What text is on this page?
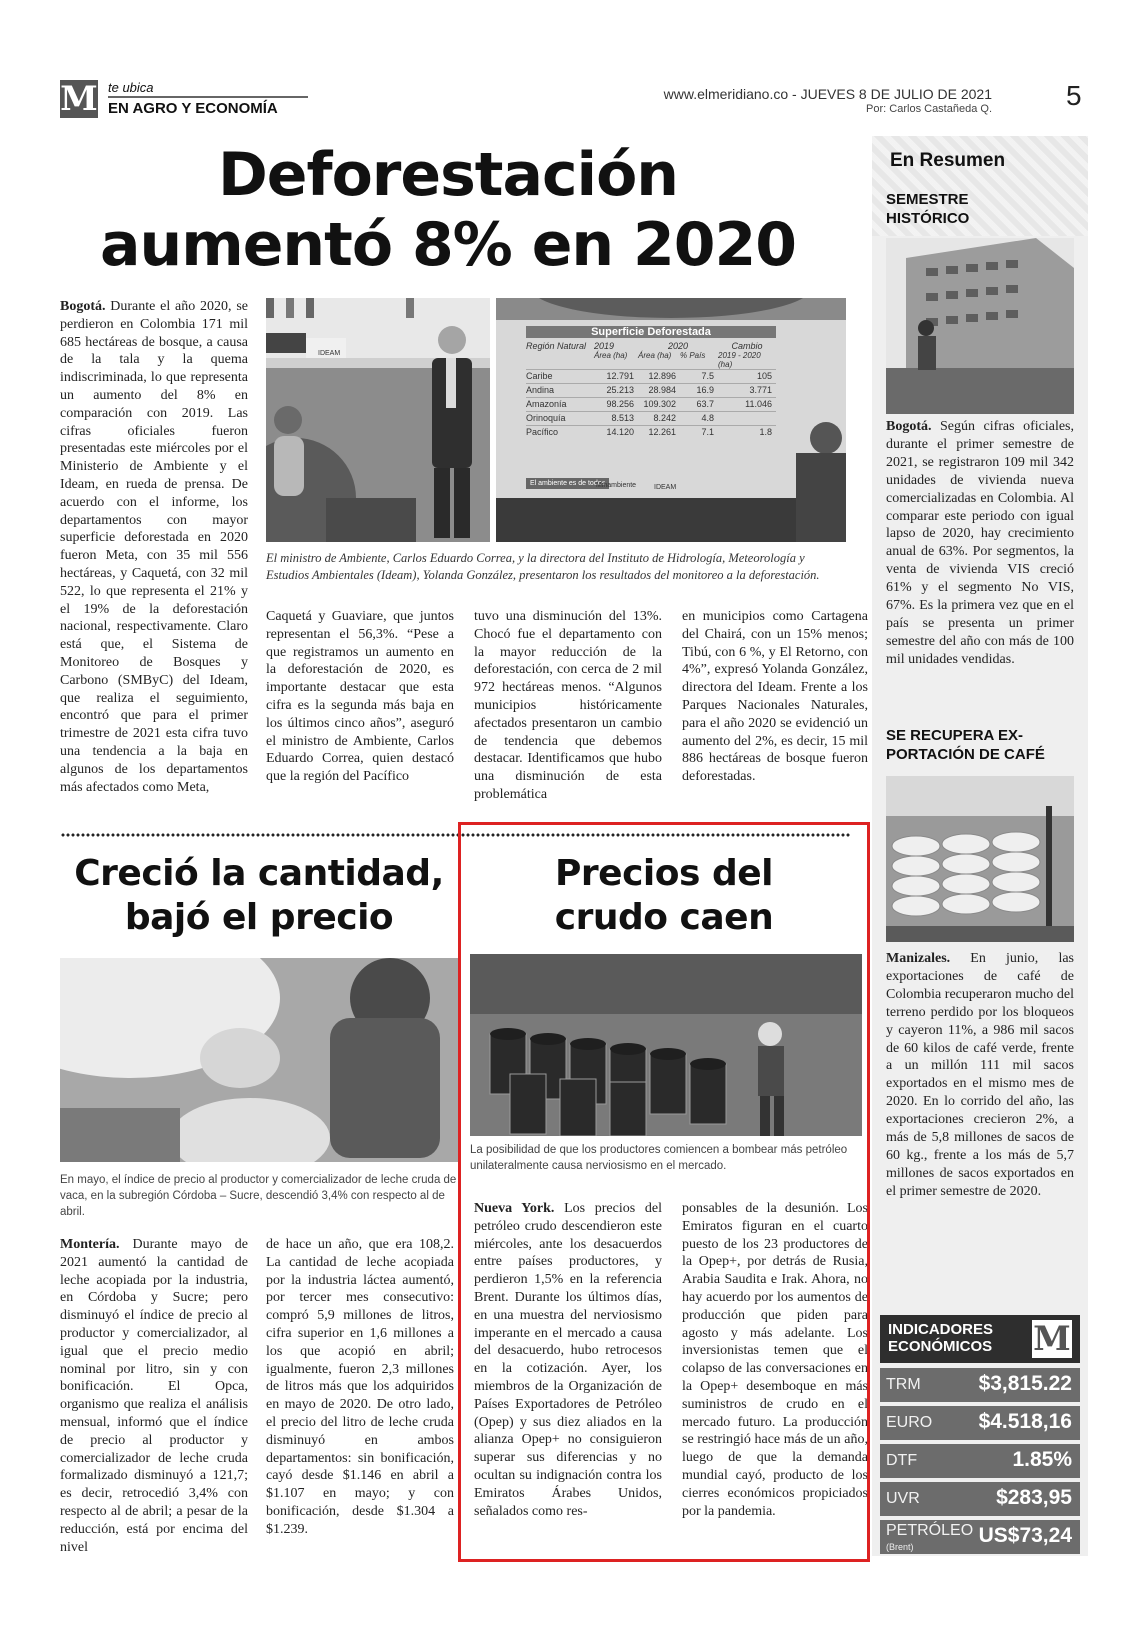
M te ubica
EN AGRO Y ECONOMÍA
www.elmeridiano.co - JUEVES 8 DE JULIO DE 2021
Por: Carlos Castañeda Q.	5
Deforestación
aumentó 8% en 2020
Bogotá. Durante el año 2020, se perdieron en Colombia 171 mil 685 hectáreas de bosque, a causa de la tala y la quema indiscriminada, lo que representa un aumento del 8% en comparación con 2019. Las cifras oficiales fueron presentadas este miércoles por el Ministerio de Ambiente y el Ideam, en rueda de prensa. De acuerdo con el informe, los departamentos con mayor superficie deforestada en 2020 fueron Meta, con 35 mil 556 hectáreas, y Caquetá, con 32 mil 522, lo que representa el 21% y el 19% de la deforestación nacional, respectivamente. Claro está que, el Sistema de Monitoreo de Bosques y Carbono (SMByC) del Ideam, que realiza el seguimiento, encontró que para el primer trimestre de 2021 esta cifra tuvo una tendencia a la baja en algunos de los departamentos más afectados como Meta,
IDEAM
Superficie Deforestada
Región Natural 2019	2020	Cambio
Área (ha)	Área (ha)	% País	2019 - 2020 (ha)
Caribe	12.791	12.896	7.5	105
Andina	25.213	28.984	16.9	3.771
Amazonía	98.256	109.302	63.7	11.046
Orinoquía	8.513	8.242	4.8
Pacífico	14.120	12.261	7.1	1.8
El ambiente es de todos
Minambiente	IDEAM
El ministro de Ambiente, Carlos Eduardo Correa, y la directora del Instituto de Hidrología, Meteorología y Estudios Ambientales (Ideam), Yolanda González, presentaron los resultados del monitoreo a la deforestación.
Caquetá y Guaviare, que juntos representan el 56,3%. “Pese a que registramos un aumento en la deforestación de 2020, es importante destacar que esta cifra es la segunda más baja en los últimos cinco años”, aseguró el ministro de Ambiente, Carlos Eduardo Correa, quien destacó que la región del Pacífico
tuvo una disminución del 13%. Chocó fue el departamento con la mayor reducción de la deforestación, con cerca de 2 mil 972 hectáreas menos. “Algunos municipios históricamente afectados presentaron un cambio de tendencia que debemos destacar. Identificamos que hubo una disminución de esta problemática
en municipios como Cartagena del Chairá, con un 15% menos; Tibú, con 6 %, y El Retorno, con 4%”, expresó Yolanda González, directora del Ideam. Frente a los Parques Nacionales Naturales, para el año 2020 se evidenció un aumento del 2%, es decir, 15 mil 886 hectáreas de bosque fueron deforestadas.
Creció la cantidad,
bajó el precio
En mayo, el índice de precio al productor y comercializador de leche cruda de vaca, en la subregión Córdoba – Sucre, descendió 3,4% con respecto al de abril.
Montería. Durante mayo de 2021 aumentó la cantidad de leche acopiada por la industria, en Córdoba y Sucre; pero disminuyó el índice de precio al productor y comercializador, al igual que el precio medio nominal por litro, sin y con bonificación. El Opca, organismo que realiza el análisis mensual, informó que el índice de precio al productor y comercializador de leche cruda formalizado disminuyó a 121,7; es decir, retrocedió 3,4% con respecto al de abril; a pesar de la reducción, está por encima del nivel
de hace un año, que era 108,2. La cantidad de leche acopiada por la industria láctea aumentó, por tercer mes consecutivo: compró 5,9 millones de litros, cifra superior en 1,6 millones a los que acopió en abril; igualmente, fueron 2,3 millones de litros más que los adquiridos en mayo de 2020. De otro lado, el precio del litro de leche cruda disminuyó en ambos departamentos: sin bonificación, cayó desde $1.146 en abril a $1.107 en mayo; y con bonificación, desde $1.304 a $1.239.
Precios del
crudo caen
La posibilidad de que los productores comiencen a bombear más petróleo unilateralmente causa nerviosismo en el mercado.
Nueva York. Los precios del petróleo crudo descendieron este miércoles, ante los desacuerdos entre países productores, y perdieron 1,5% en la referencia Brent. Durante los últimos días, en una muestra del nerviosismo imperante en el mercado a causa del desacuerdo, hubo retrocesos en la cotización. Ayer, los miembros de la Organización de Países Exportadores de Petróleo (Opep) y sus diez aliados en la alianza Opep+ no consiguieron superar sus diferencias y no ocultan su indignación contra los Emiratos Árabes Unidos, señalados como res-
ponsables de la desunión. Los Emiratos figuran en el cuarto puesto de los 23 productores de la Opep+, por detrás de Rusia, Arabia Saudita e Irak. Ahora, no hay acuerdo por los aumentos de producción que piden para agosto y más adelante. Los inversionistas temen que el colapso de las conversaciones en la Opep+ desemboque en más suministros de crudo en el mercado futuro. La producción se restringió hace más de un año, luego de que la demanda mundial cayó, producto de los cierres económicos propiciados por la pandemia.
En Resumen
SEMESTRE
HISTÓRICO
Bogotá. Según cifras oficiales, durante el primer semestre de 2021, se registraron 109 mil 342 unidades de vivienda nueva comercializadas en Colombia. Al comparar este periodo con igual lapso de 2020, hay crecimiento anual de 63%. Por segmentos, la venta de vivienda VIS creció 61% y el segmento No VIS, 67%. Es la primera vez que en el país se presenta un primer semestre del año con más de 100 mil unidades vendidas.
SE RECUPERA EX-
PORTACIÓN DE CAFÉ
Manizales. En junio, las exportaciones de café de Colombia recuperaron mucho del terreno perdido por los bloqueos y cayeron 11%, a 986 mil sacos de 60 kilos de café verde, frente a un millón 111 mil sacos exportados en el mismo mes de 2020. En lo corrido del año, las exportaciones crecieron 2%, a más de 5,8 millones de sacos de 60 kg., frente a los más de 5,7 millones de sacos exportados en el primer semestre de 2020.
INDICADORES
ECONÓMICOS	M
TRM	$3,815.22
EURO $4.518,16
DTF	1.85%
UVR	$283,95
PETRÓLEO US$73,24
(Brent)
